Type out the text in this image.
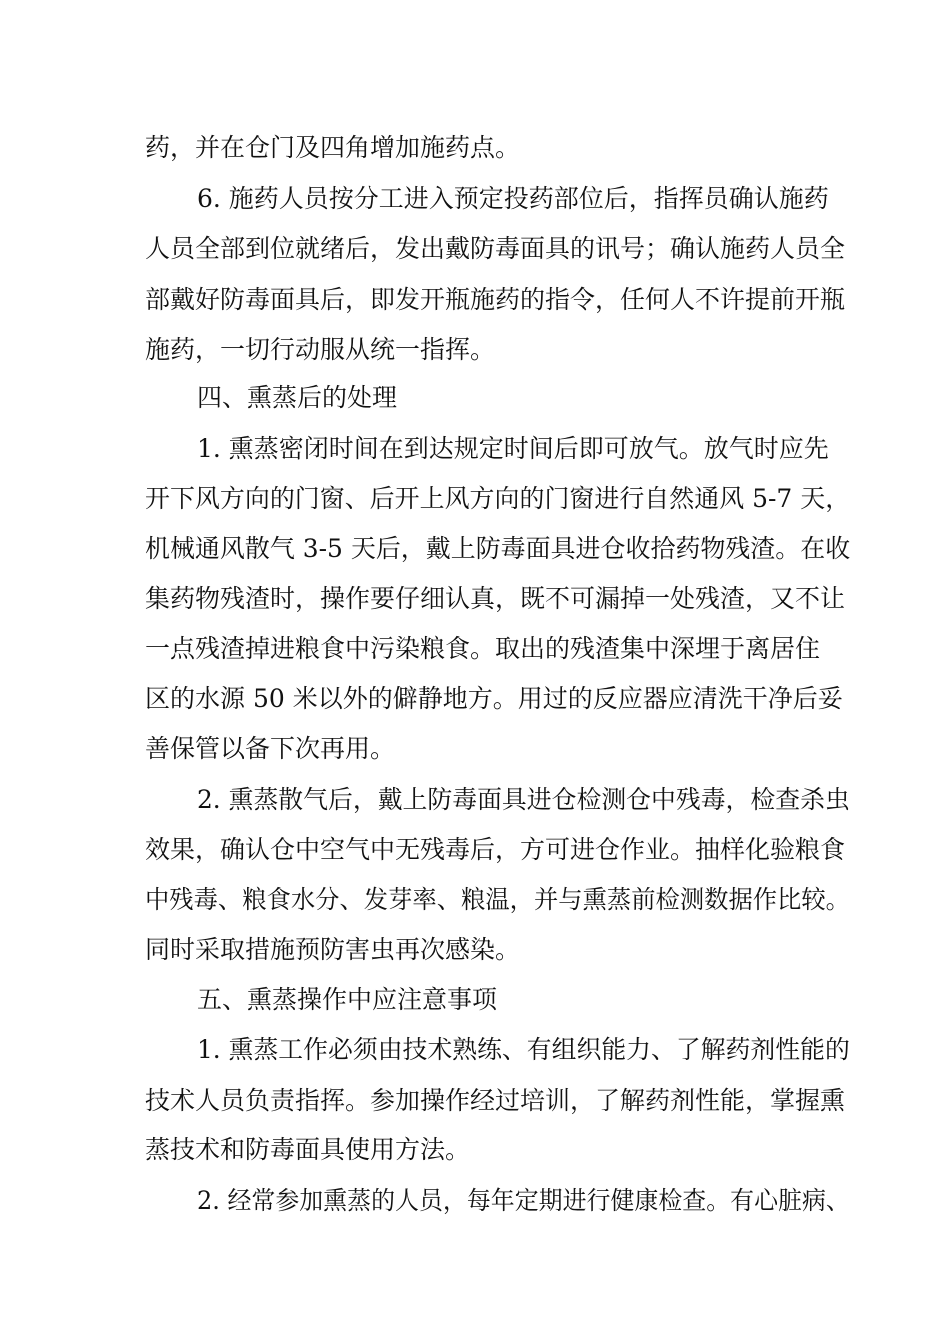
药，并在仓门及四角增加施药点。

6. 施药人员按分工进入预定投药部位后，指挥员确认施药

人员全部到位就绪后，发出戴防毒面具的讯号；确认施药人员全

部戴好防毒面具后，即发开瓶施药的指令，任何人不许提前开瓶

施药，一切行动服从统一指挥。

四、熏蒸后的处理

1. 熏蒸密闭时间在到达规定时间后即可放气。放气时应先

开下风方向的门窗、后开上风方向的门窗进行自然通风 5-7 天，

机械通风散气 3-5 天后，戴上防毒面具进仓收拾药物残渣。在收

集药物残渣时，操作要仔细认真，既不可漏掉一处残渣，又不让

一点残渣掉进粮食中污染粮食。取出的残渣集中深埋于离居住

区的水源 50 米以外的僻静地方。用过的反应器应清洗干净后妥

善保管以备下次再用。

2. 熏蒸散气后，戴上防毒面具进仓检测仓中残毒，检查杀虫

效果，确认仓中空气中无残毒后，方可进仓作业。抽样化验粮食

中残毒、粮食水分、发芽率、粮温，并与熏蒸前检测数据作比较。

同时采取措施预防害虫再次感染。

五、熏蒸操作中应注意事项

1. 熏蒸工作必须由技术熟练、有组织能力、了解药剂性能的

技术人员负责指挥。参加操作经过培训，了解药剂性能，掌握熏

蒸技术和防毒面具使用方法。

2. 经常参加熏蒸的人员，每年定期进行健康检查。有心脏病、
